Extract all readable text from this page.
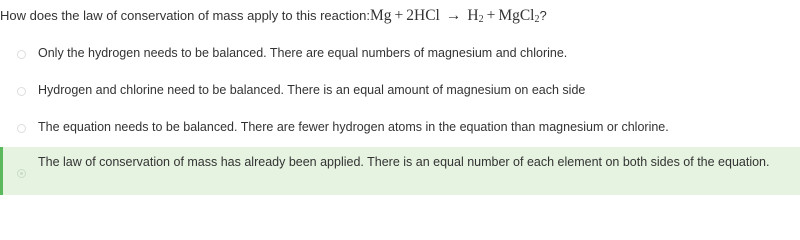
How does the law of conservation of mass apply to this reaction:Mg + $2HCl \to H_2$ + MgCl$_2$?
Only the hydrogen needs to be balanced. There are equal numbers of magnesium and chlorine.
Hydrogen and chlorine need to be balanced. There is an equal amount of magnesium on each side
The equation needs to be balanced. There are fewer hydrogen atoms in the equation than magnesium or chlorine.
The law of conservation of mass has already been applied. There is an equal number of each element on both sides of the equation.
